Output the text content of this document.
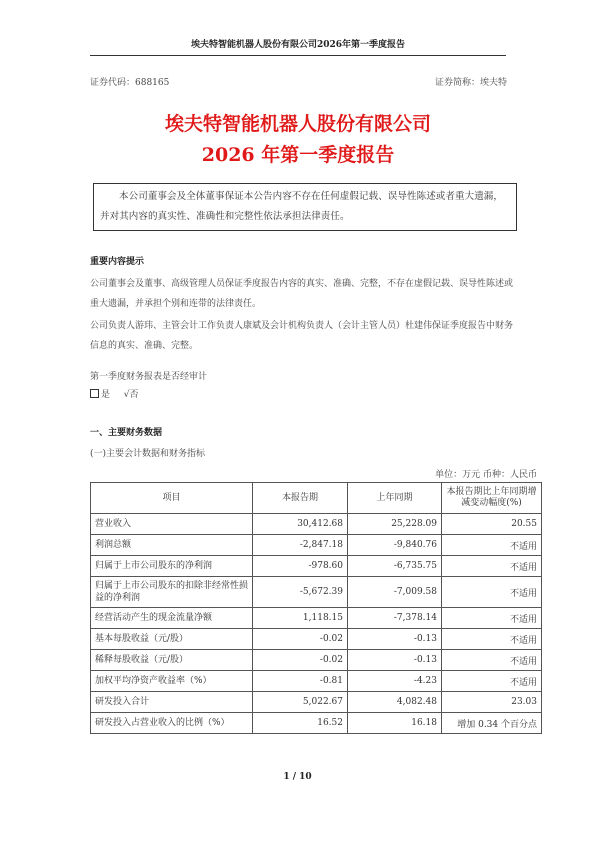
埃夫特智能机器人股份有限公司2026年第一季度报告
证券代码：688165	证券简称：埃夫特
埃夫特智能机器人股份有限公司
2026 年第一季度报告
本公司董事会及全体董事保证本公告内容不存在任何虚假记载、误导性陈述或者重大遗漏，并对其内容的真实性、准确性和完整性依法承担法律责任。
重要内容提示
公司董事会及董事、高级管理人员保证季度报告内容的真实、准确、完整，不存在虚假记载、误导性陈述或重大遗漏，并承担个别和连带的法律责任。
公司负责人游玮、主管会计工作负责人康斌及会计机构负责人（会计主管人员）杜建伟保证季度报告中财务信息的真实、准确、完整。
第一季度财务报表是否经审计
是 √否
一、主要财务数据
(一)主要会计数据和财务指标
单位：万元 币种：人民币
项目	本报告期	上年同期	本报告期比上年同期增减变动幅度(%)
营业收入	30,412.68	25,228.09	20.55
利润总额	-2,847.18	-9,840.76	不适用
归属于上市公司股东的净利润	-978.60	-6,735.75	不适用
归属于上市公司股东的扣除非经常性损益的净利润	-5,672.39	-7,009.58	不适用
经营活动产生的现金流量净额	1,118.15	-7,378.14	不适用
基本每股收益（元/股）	-0.02	-0.13	不适用
稀释每股收益（元/股）	-0.02	-0.13	不适用
加权平均净资产收益率（%）	-0.81	-4.23	不适用
研发投入合计	5,022.67	4,082.48	23.03
研发投入占营业收入的比例（%）	16.52	16.18	增加 0.34 个百分点
1 / 10
